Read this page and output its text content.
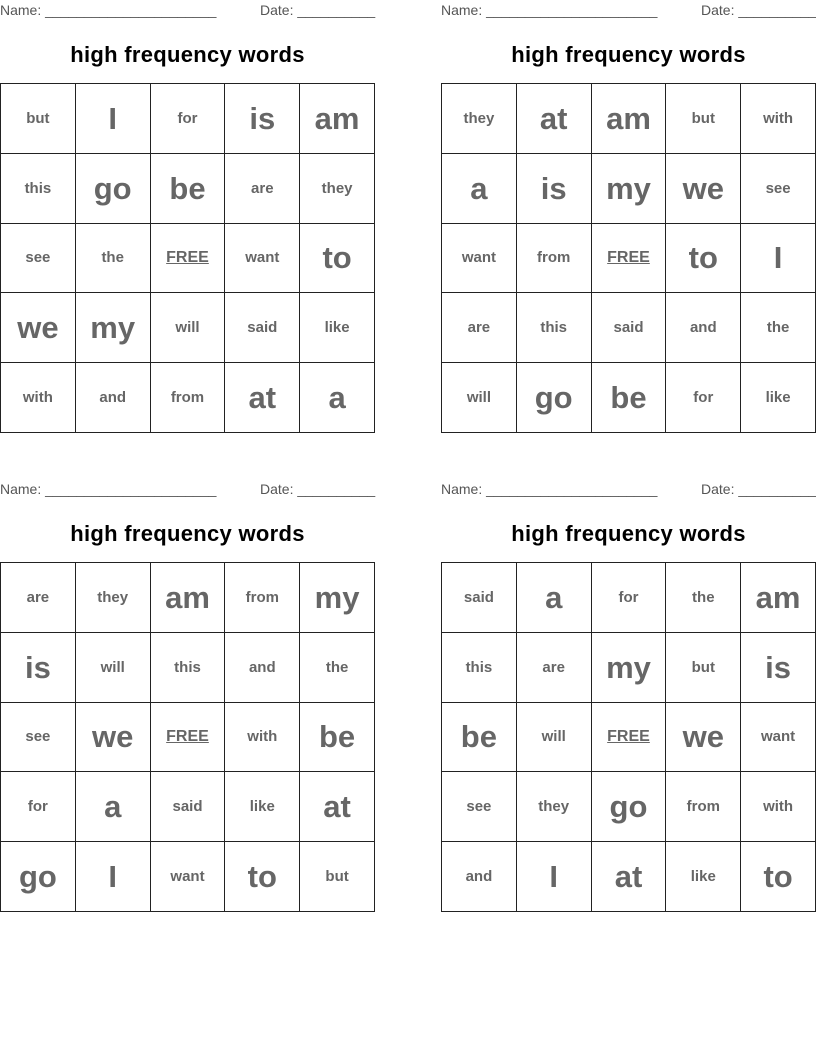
Name: ______________________	Date: __________
high frequency words
but	I	for	is	am
this	go	be	are	they
see	the	FREE	want	to
we	my	will	said	like
with	and	from	at	a
Name: ______________________	Date: __________
high frequency words
they	at	am	but	with
a	is	my	we	see
want	from	FREE	to	I
are	this	said	and	the
will	go	be	for	like
Name: ______________________	Date: __________
high frequency words
are	they	am	from	my
is	will	this	and	the
see	we	FREE	with	be
for	a	said	like	at
go	I	want	to	but
Name: ______________________	Date: __________
high frequency words
said	a	for	the	am
this	are	my	but	is
be	will	FREE	we	want
see	they	go	from	with
and	I	at	like	to
